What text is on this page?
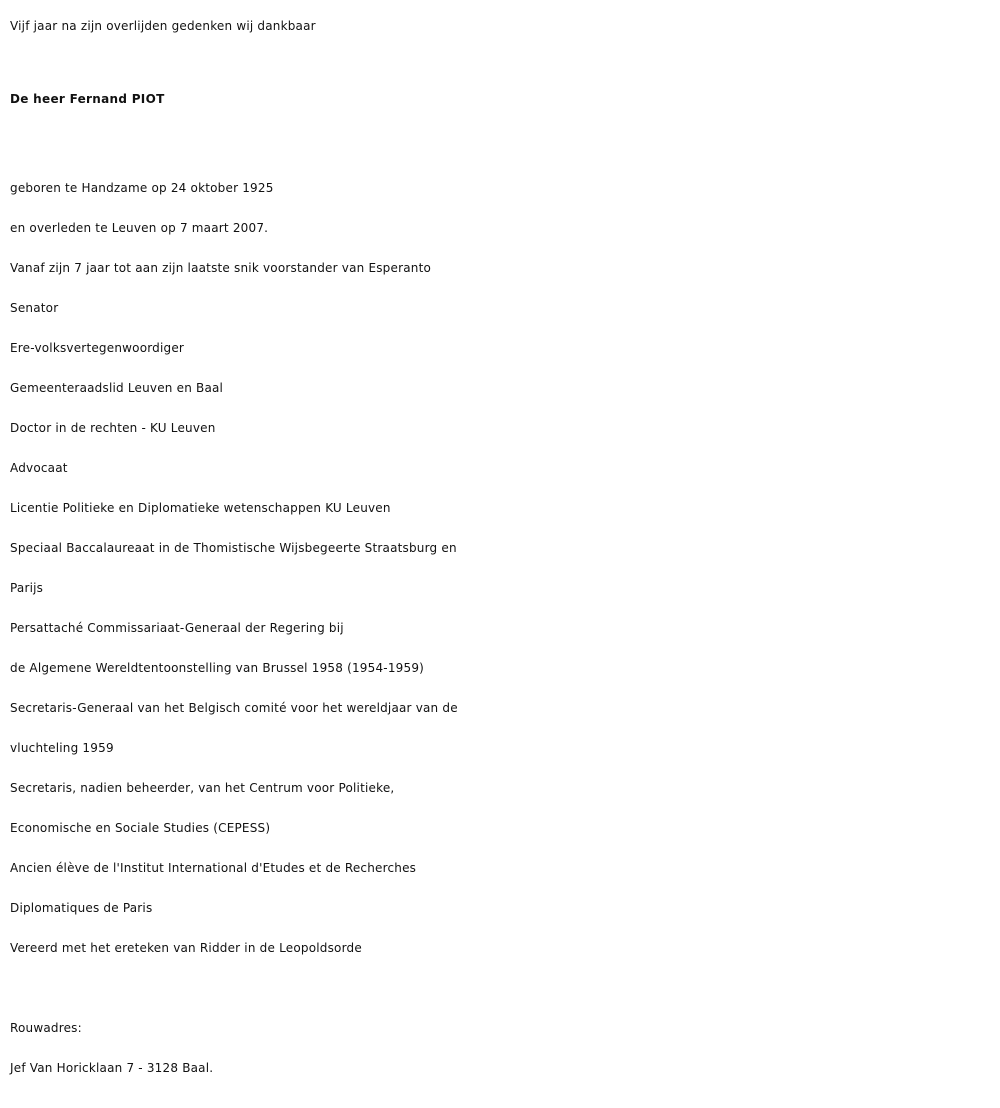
Vijf jaar na zijn overlijden gedenken wij dankbaar

De heer Fernand PIOT
geboren te Handzame op 24 oktober 1925
en overleden te Leuven op 7 maart 2007.
Vanaf zijn 7 jaar tot aan zijn laatste snik voorstander van Esperanto
Senator
Ere-volksvertegenwoordiger
Gemeenteraadslid Leuven en Baal
Doctor in de rechten - KU Leuven
Advocaat
Licentie Politieke en Diplomatieke wetenschappen KU Leuven
Speciaal Baccalaureaat in de Thomistische Wijsbegeerte Straatsburg en
Parijs
Persattaché Commissariaat-Generaal der Regering bij
de Algemene Wereldtentoonstelling van Brussel 1958 (1954-1959)
Secretaris-Generaal van het Belgisch comité voor het wereldjaar van de
vluchteling 1959
Secretaris, nadien beheerder, van het Centrum voor Politieke,
Economische en Sociale Studies (CEPESS)
Ancien élève de l'Institut International d'Etudes et de Recherches
Diplomatiques de Paris
Vereerd met het ereteken van Ridder in de Leopoldsorde
Rouwadres:
Jef Van Horicklaan 7 - 3128 Baal.
